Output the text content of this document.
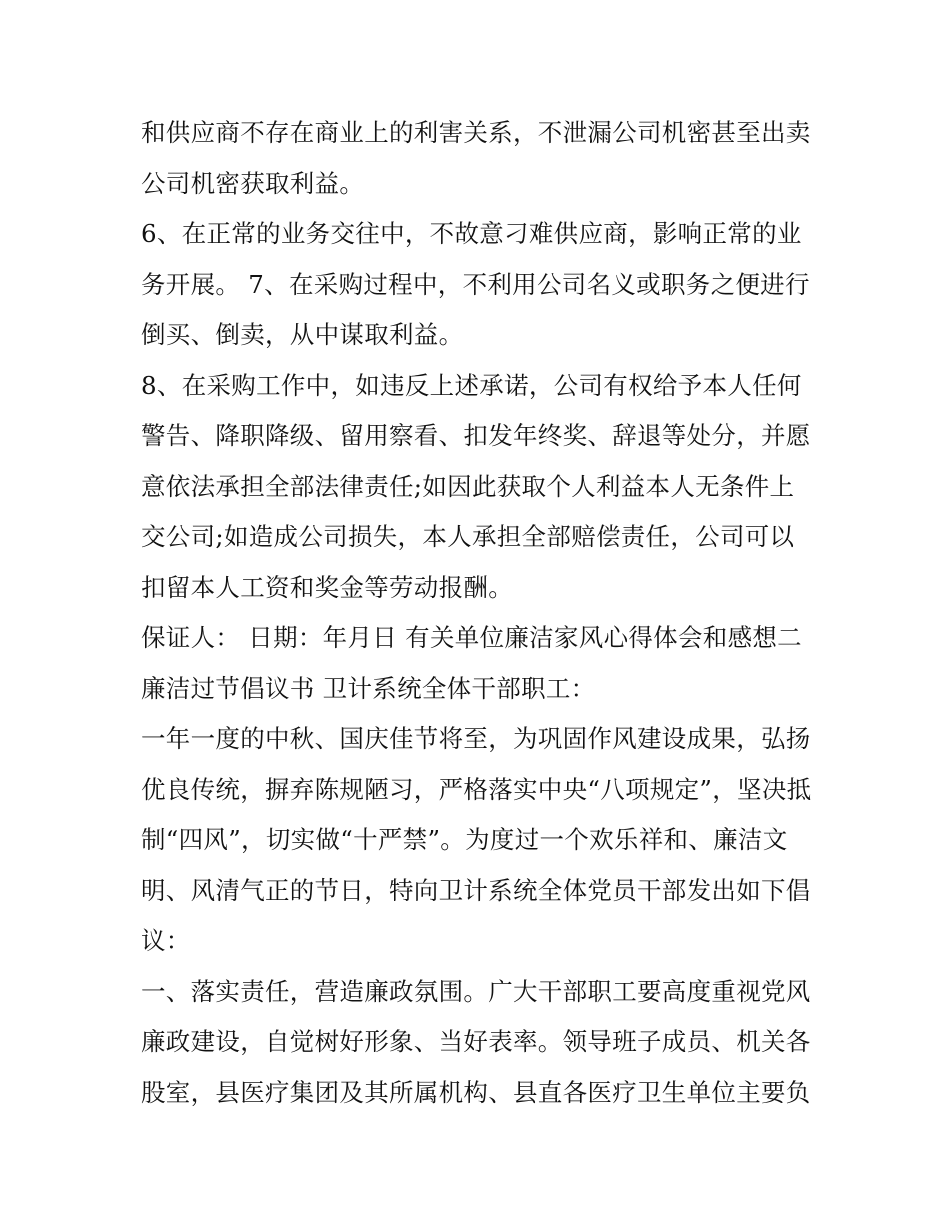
和供应商不存在商业上的利害关系，不泄漏公司机密甚至出卖
公司机密获取利益。
6、在正常的业务交往中，不故意刁难供应商，影响正常的业
务开展。 7、在采购过程中，不利用公司名义或职务之便进行
倒买、倒卖，从中谋取利益。
8、在采购工作中，如违反上述承诺，公司有权给予本人任何
警告、降职降级、留用察看、扣发年终奖、辞退等处分，并愿
意依法承担全部法律责任;如因此获取个人利益本人无条件上
交公司;如造成公司损失，本人承担全部赔偿责任，公司可以
扣留本人工资和奖金等劳动报酬。
保证人： 日期：年月日 有关单位廉洁家风心得体会和感想二
廉洁过节倡议书 卫计系统全体干部职工：
一年一度的中秋、国庆佳节将至，为巩固作风建设成果，弘扬
优良传统，摒弃陈规陋习，严格落实中央“八项规定”，坚决抵
制“四风”，切实做“十严禁”。为度过一个欢乐祥和、廉洁文
明、风清气正的节日，特向卫计系统全体党员干部发出如下倡
议：
一、落实责任，营造廉政氛围。广大干部职工要高度重视党风
廉政建设，自觉树好形象、当好表率。领导班子成员、机关各
股室，县医疗集团及其所属机构、县直各医疗卫生单位主要负
